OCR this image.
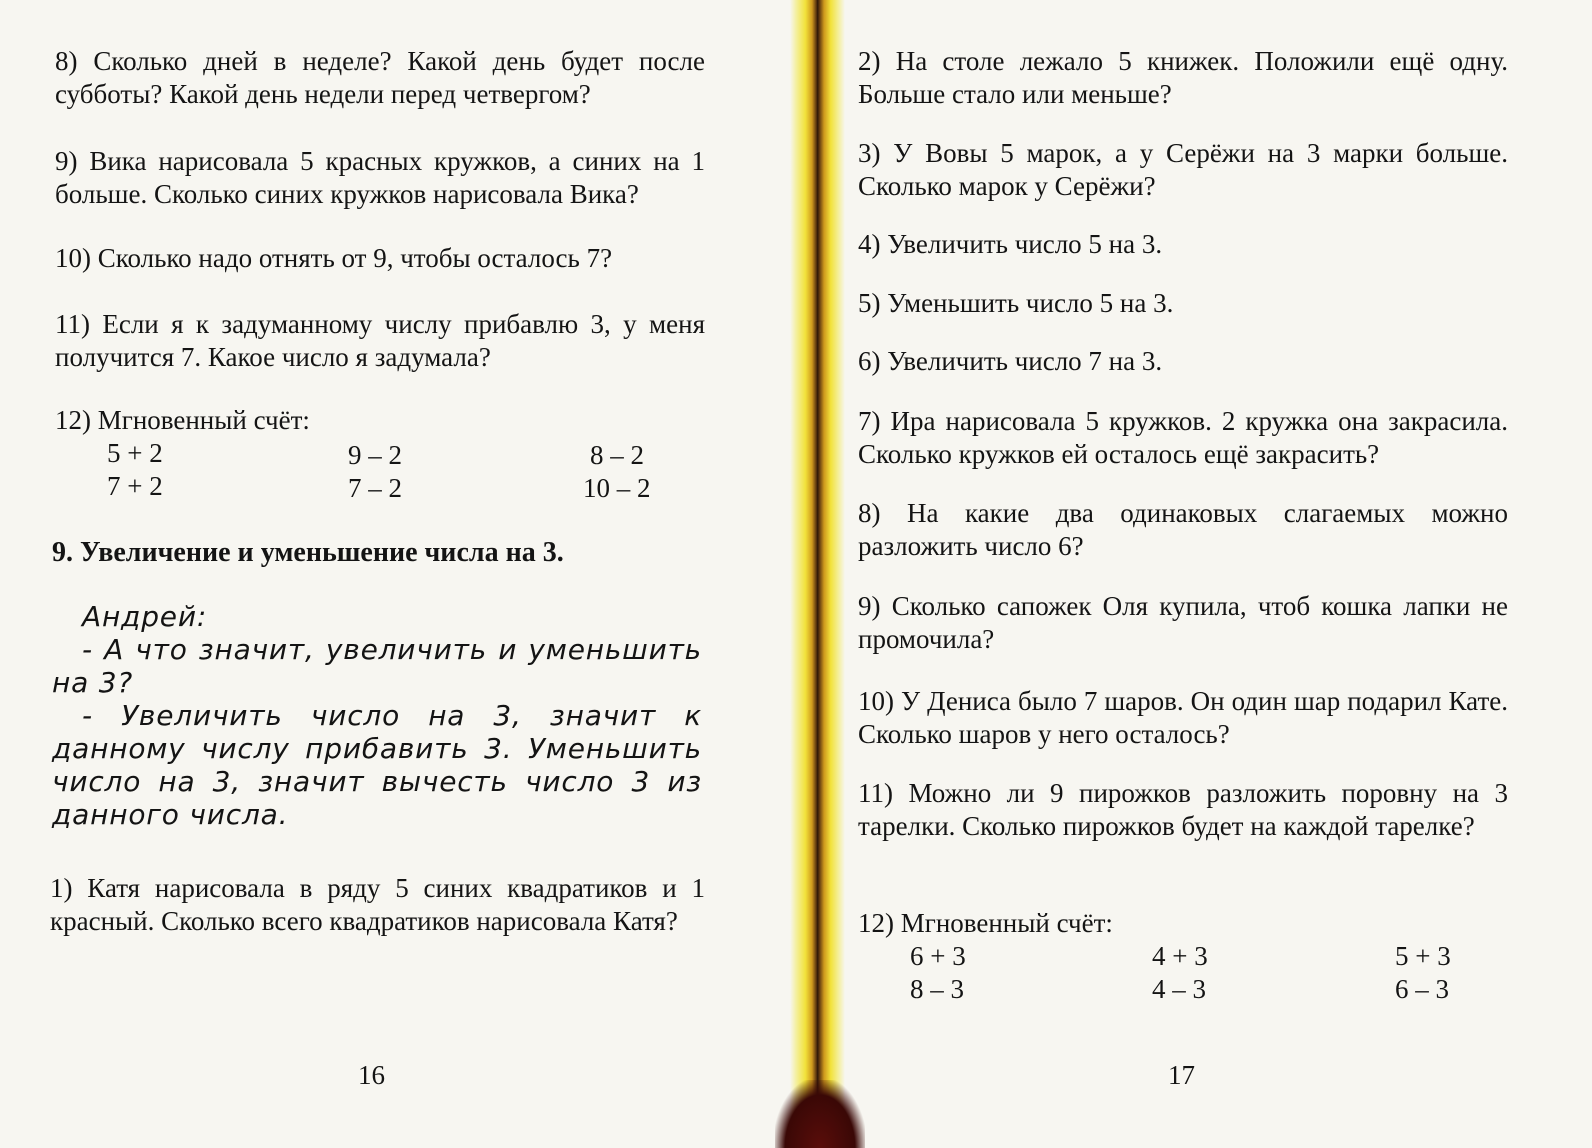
8) Сколько дней в неделе? Какой день будет после субботы? Какой день недели перед четвергом?

9) Вика нарисовала 5 красных кружков, а синих на 1 больше. Сколько синих кружков нарисовала Вика?

10) Сколько надо отнять от 9, чтобы осталось 7?

11) Если я к задуманному числу прибавлю 3, у меня получится 7. Какое число я задумала?

12) Мгновенный счёт:
5 + 2	9 – 2	8 – 2
7 + 2	7 – 2	10 – 2
9. Увеличение и уменьшение числа на 3.

Андрей:

- А что значит, увеличить и уменьшить на 3?

- Увеличить число на 3, значит к данному числу прибавить 3. Уменьшить число на 3, значит вычесть число 3 из данного числа.

1) Катя нарисовала в ряду 5 синих квадратиков и 1 красный. Сколько всего квадратиков нарисовала Катя?

16

2) На столе лежало 5 книжек. Положили ещё одну. Больше стало или меньше?

3) У Вовы 5 марок, а у Серёжи на 3 марки больше. Сколько марок у Серёжи?

4) Увеличить число 5 на 3.

5) Уменьшить число 5 на 3.

6) Увеличить число 7 на 3.

7) Ира нарисовала 5 кружков. 2 кружка она закрасила. Сколько кружков ей осталось ещё закрасить?

8) На какие два одинаковых слагаемых можно разложить число 6?

9) Сколько сапожек Оля купила, чтоб кошка лапки не промочила?

10) У Дениса было 7 шаров. Он один шар подарил Кате. Сколько шаров у него осталось?

11) Можно ли 9 пирожков разложить поровну на 3 тарелки. Сколько пирожков будет на каждой тарелке?

12) Мгновенный счёт:
6 + 3	4 + 3	5 + 3
8 – 3	4 – 3	6 – 3
17
